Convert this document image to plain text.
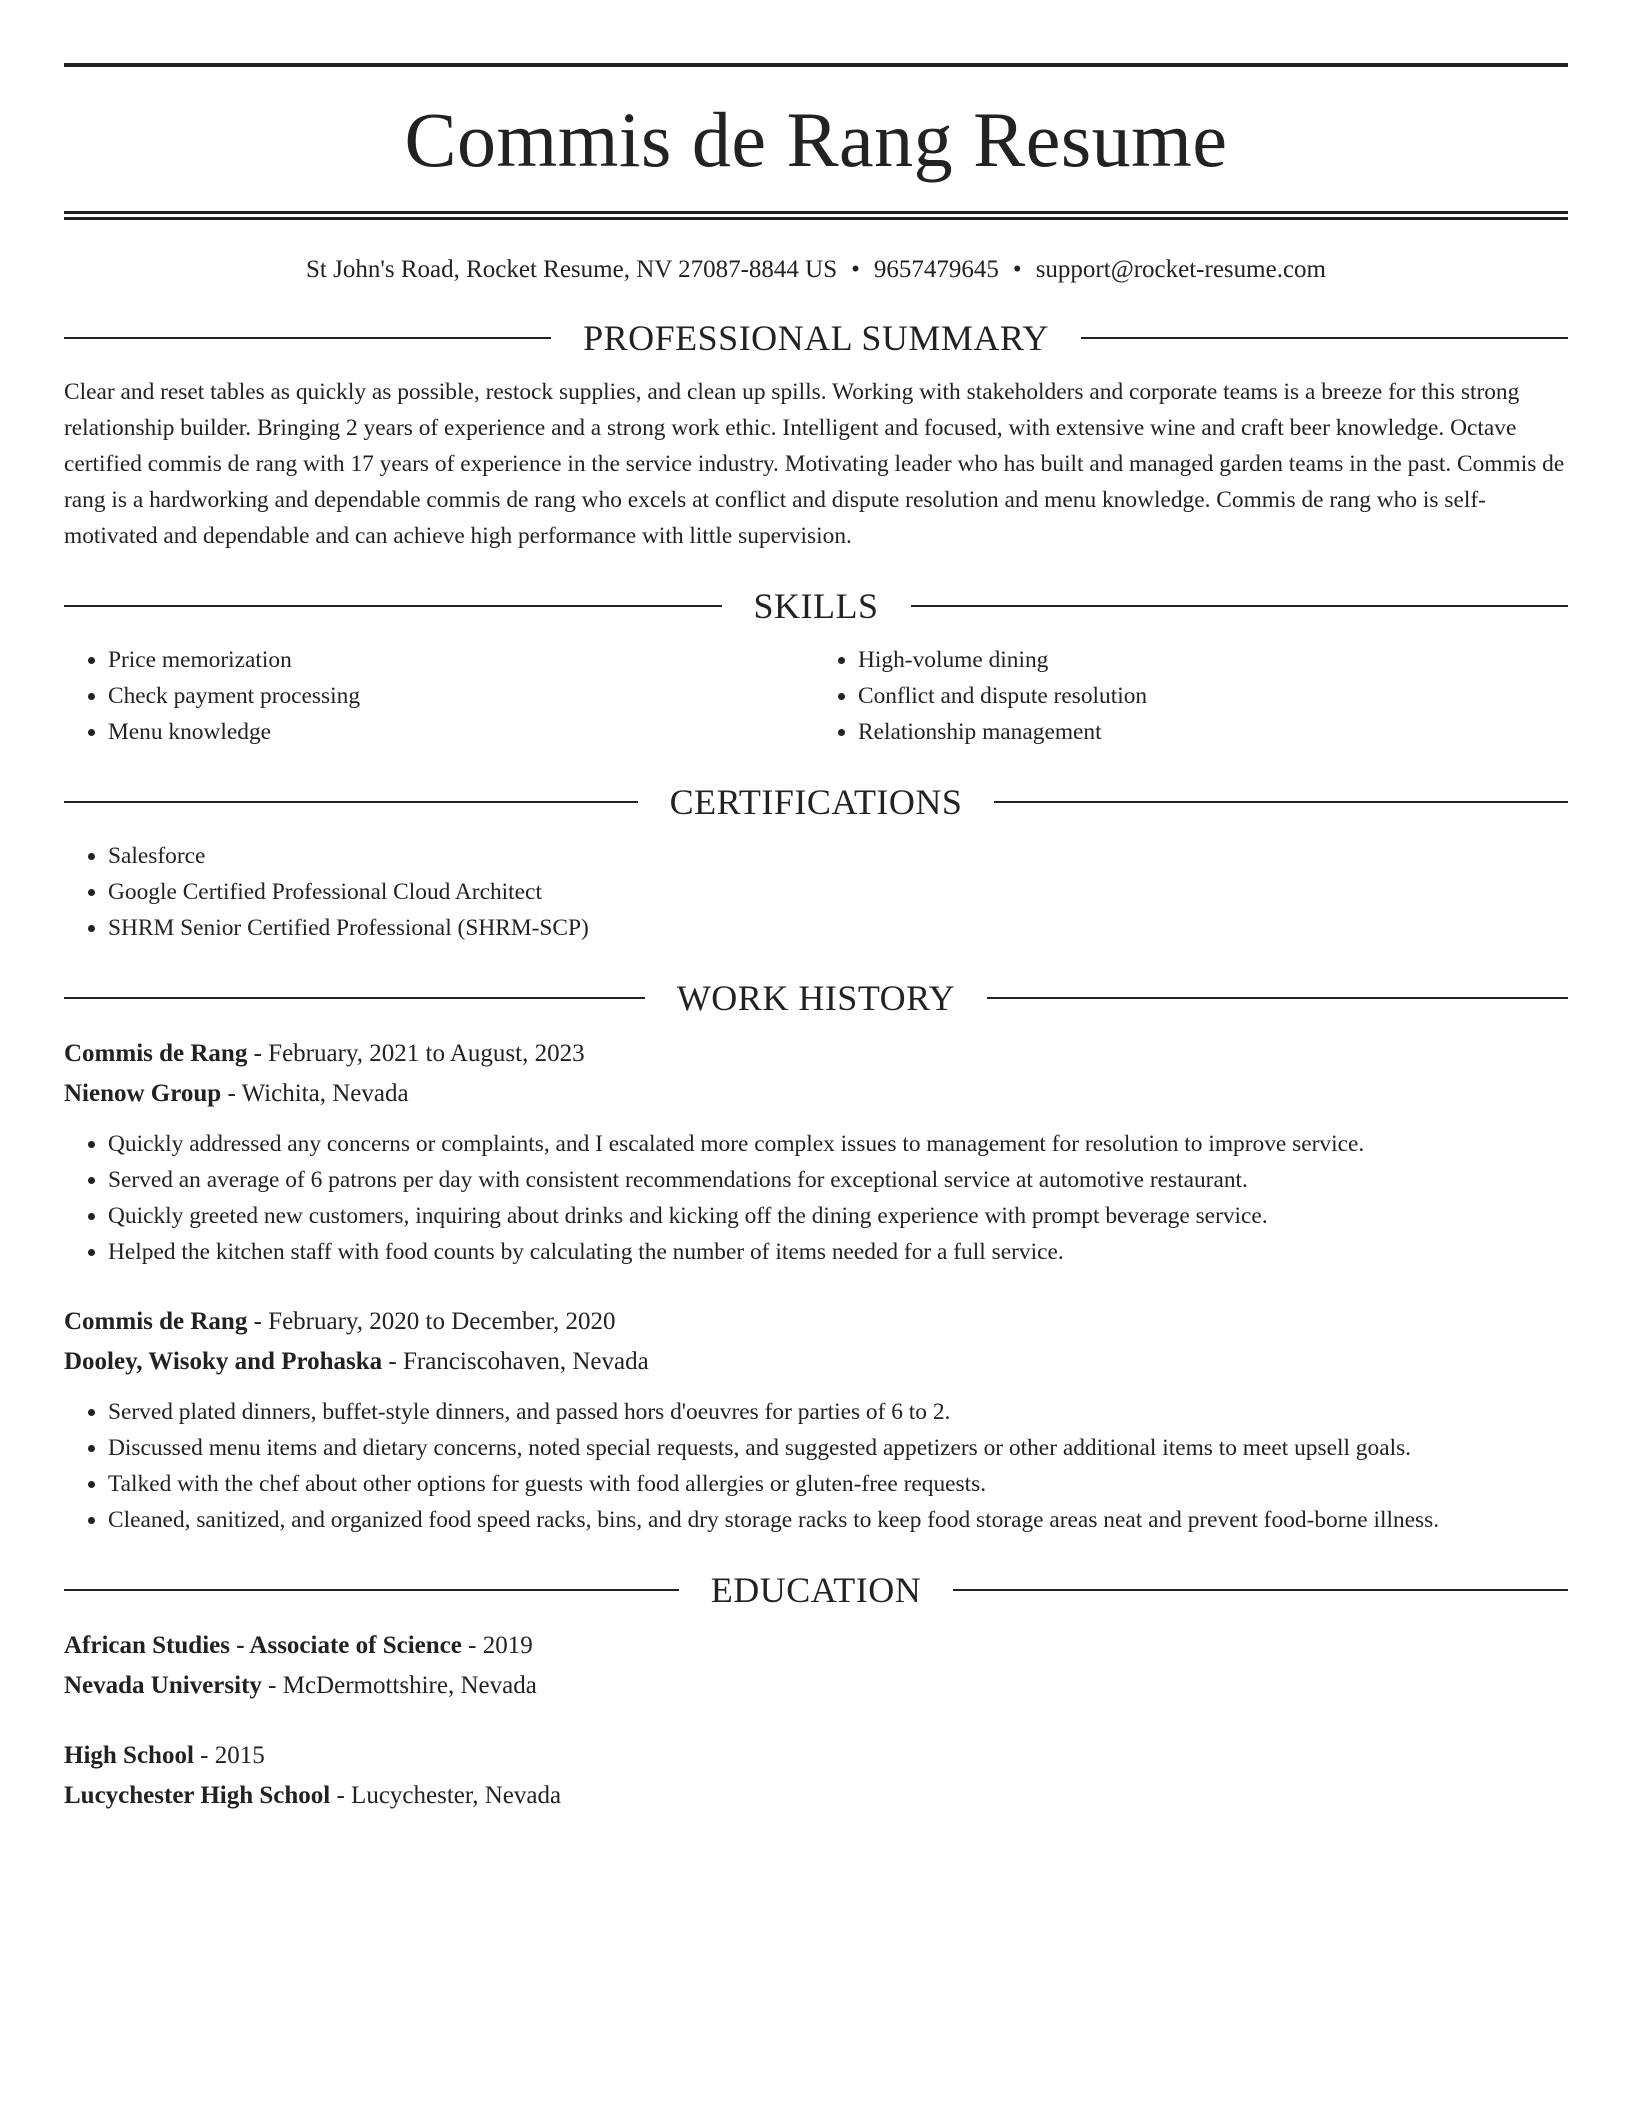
Commis de Rang Resume
St John's Road, Rocket Resume, NV 27087-8844 US • 9657479645 • support@rocket-resume.com
PROFESSIONAL SUMMARY

Clear and reset tables as quickly as possible, restock supplies, and clean up spills. Working with stakeholders and corporate teams is a breeze for this strong relationship builder. Bringing 2 years of experience and a strong work ethic. Intelligent and focused, with extensive wine and craft beer knowledge. Octave certified commis de rang with 17 years of experience in the service industry. Motivating leader who has built and managed garden teams in the past. Commis de rang is a hardworking and dependable commis de rang who excels at conflict and dispute resolution and menu knowledge. Commis de rang who is self-motivated and dependable and can achieve high performance with little supervision.

SKILLS
• Price memorization
• Check payment processing
• Menu knowledge
• High-volume dining
• Conflict and dispute resolution
• Relationship management
CERTIFICATIONS
• Salesforce
• Google Certified Professional Cloud Architect
• SHRM Senior Certified Professional (SHRM-SCP)
WORK HISTORY
Commis de Rang - February, 2021 to August, 2023
Nienow Group - Wichita, Nevada
• Quickly addressed any concerns or complaints, and I escalated more complex issues to management for resolution to improve service.
• Served an average of 6 patrons per day with consistent recommendations for exceptional service at automotive restaurant.
• Quickly greeted new customers, inquiring about drinks and kicking off the dining experience with prompt beverage service.
• Helped the kitchen staff with food counts by calculating the number of items needed for a full service.
Commis de Rang - February, 2020 to December, 2020
Dooley, Wisoky and Prohaska - Franciscohaven, Nevada
• Served plated dinners, buffet-style dinners, and passed hors d'oeuvres for parties of 6 to 2.
• Discussed menu items and dietary concerns, noted special requests, and suggested appetizers or other additional items to meet upsell goals.
• Talked with the chef about other options for guests with food allergies or gluten-free requests.
• Cleaned, sanitized, and organized food speed racks, bins, and dry storage racks to keep food storage areas neat and prevent food-borne illness.
EDUCATION
African Studies - Associate of Science - 2019
Nevada University - McDermottshire, Nevada
High School - 2015
Lucychester High School - Lucychester, Nevada
